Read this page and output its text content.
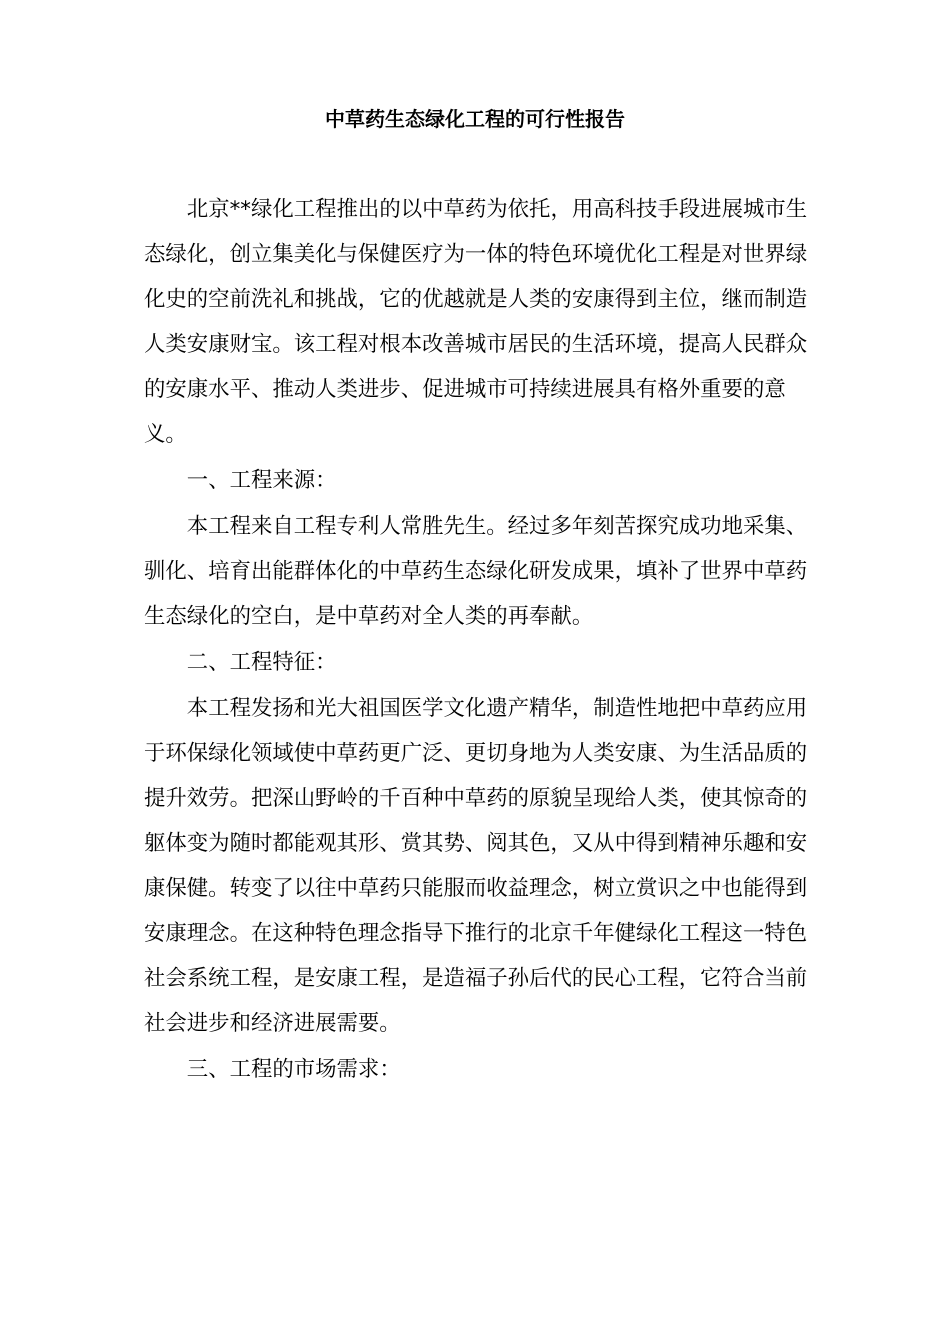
中草药生态绿化工程的可行性报告

北京**绿化工程推出的以中草药为依托，用高科技手段进展城市生态绿化，创立集美化与保健医疗为一体的特色环境优化工程是对世界绿化史的空前洗礼和挑战，它的优越就是人类的安康得到主位，继而制造人类安康财宝。该工程对根本改善城市居民的生活环境，提高人民群众的安康水平、推动人类进步、促进城市可持续进展具有格外重要的意义。

一、工程来源：

本工程来自工程专利人常胜先生。经过多年刻苦探究成功地采集、驯化、培育出能群体化的中草药生态绿化研发成果，填补了世界中草药生态绿化的空白，是中草药对全人类的再奉献。

二、工程特征：

本工程发扬和光大祖国医学文化遗产精华，制造性地把中草药应用于环保绿化领域使中草药更广泛、更切身地为人类安康、为生活品质的提升效劳。把深山野岭的千百种中草药的原貌呈现给人类，使其惊奇的躯体变为随时都能观其形、赏其势、阅其色，又从中得到精神乐趣和安康保健。转变了以往中草药只能服而收益理念，树立赏识之中也能得到安康理念。在这种特色理念指导下推行的北京千年健绿化工程这一特色社会系统工程，是安康工程，是造福子孙后代的民心工程，它符合当前社会进步和经济进展需要。

三、工程的市场需求：
